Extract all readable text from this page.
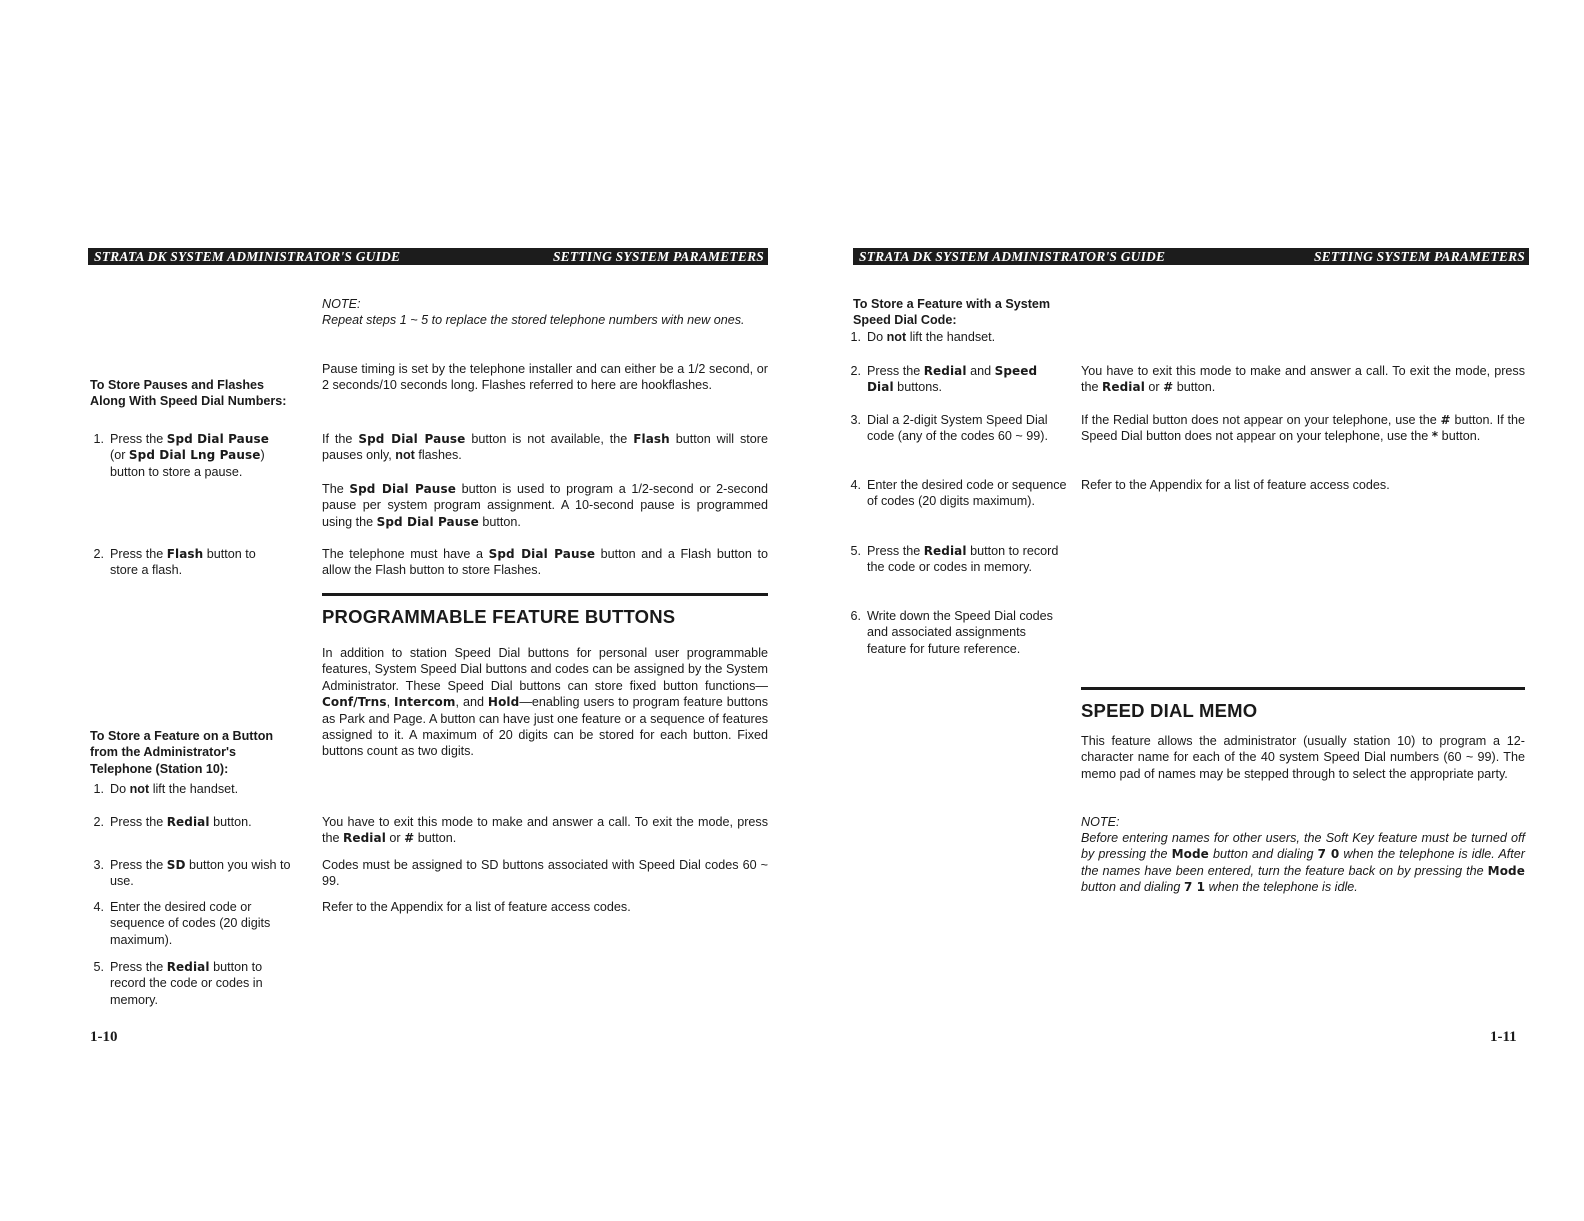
STRATA DK SYSTEM ADMINISTRATOR'S GUIDE	SETTING SYSTEM PARAMETERS
NOTE:
Repeat steps 1 ~ 5 to replace the stored telephone numbers with new ones.
To Store Pauses and Flashes Along With Speed Dial Numbers:
1. Press the Spd Dial Pause
(or Spd Dial Lng Pause)
button to store a pause.
2. Press the Flash button to
store a flash.
Pause timing is set by the telephone installer and can either be a 1/2 second, or 2 seconds/10 seconds long. Flashes referred to here are hookflashes.
If the Spd Dial Pause button is not available, the Flash button will store pauses only, not flashes.
The Spd Dial Pause button is used to program a 1/2-second or 2-second pause per system program assignment. A 10-second pause is programmed using the Spd Dial Pause button.
The telephone must have a Spd Dial Pause button and a Flash button to allow the Flash button to store Flashes.
PROGRAMMABLE FEATURE BUTTONS
In addition to station Speed Dial buttons for personal user programmable features, System Speed Dial buttons and codes can be assigned by the System Administrator. These Speed Dial buttons can store fixed button functions—Conf/Trns, Intercom, and Hold—enabling users to program feature buttons as Park and Page. A button can have just one feature or a sequence of features assigned to it. A maximum of 20 digits can be stored for each button. Fixed buttons count as two digits.
To Store a Feature on a Button from the Administrator's Telephone (Station 10):
1. Do not lift the handset.
2. Press the Redial button.
3. Press the SD button you wish to use.
4. Enter the desired code or sequence of codes (20 digits maximum).
5. Press the Redial button to record the code or codes in memory.
You have to exit this mode to make and answer a call. To exit the mode, press the Redial or # button.
Codes must be assigned to SD buttons associated with Speed Dial codes 60 ~ 99.
Refer to the Appendix for a list of feature access codes.
1-10
STRATA DK SYSTEM ADMINISTRATOR'S GUIDE	SETTING SYSTEM PARAMETERS
To Store a Feature with a System Speed Dial Code:
1. Do not lift the handset.
2. Press the Redial and Speed Dial buttons.
3. Dial a 2-digit System Speed Dial code (any of the codes 60 ~ 99).
4. Enter the desired code or sequence of codes (20 digits maximum).
5. Press the Redial button to record the code or codes in memory.
6. Write down the Speed Dial codes and associated assignments feature for future reference.
You have to exit this mode to make and answer a call. To exit the mode, press the Redial or # button.
If the Redial button does not appear on your telephone, use the # button. If the Speed Dial button does not appear on your telephone, use the * button.
Refer to the Appendix for a list of feature access codes.
SPEED DIAL MEMO
This feature allows the administrator (usually station 10) to program a 12-character name for each of the 40 system Speed Dial numbers (60 ~ 99). The memo pad of names may be stepped through to select the appropriate party.
NOTE:
Before entering names for other users, the Soft Key feature must be turned off by pressing the Mode button and dialing 7 0 when the telephone is idle. After the names have been entered, turn the feature back on by pressing the Mode button and dialing 7 1 when the telephone is idle.
1-11
